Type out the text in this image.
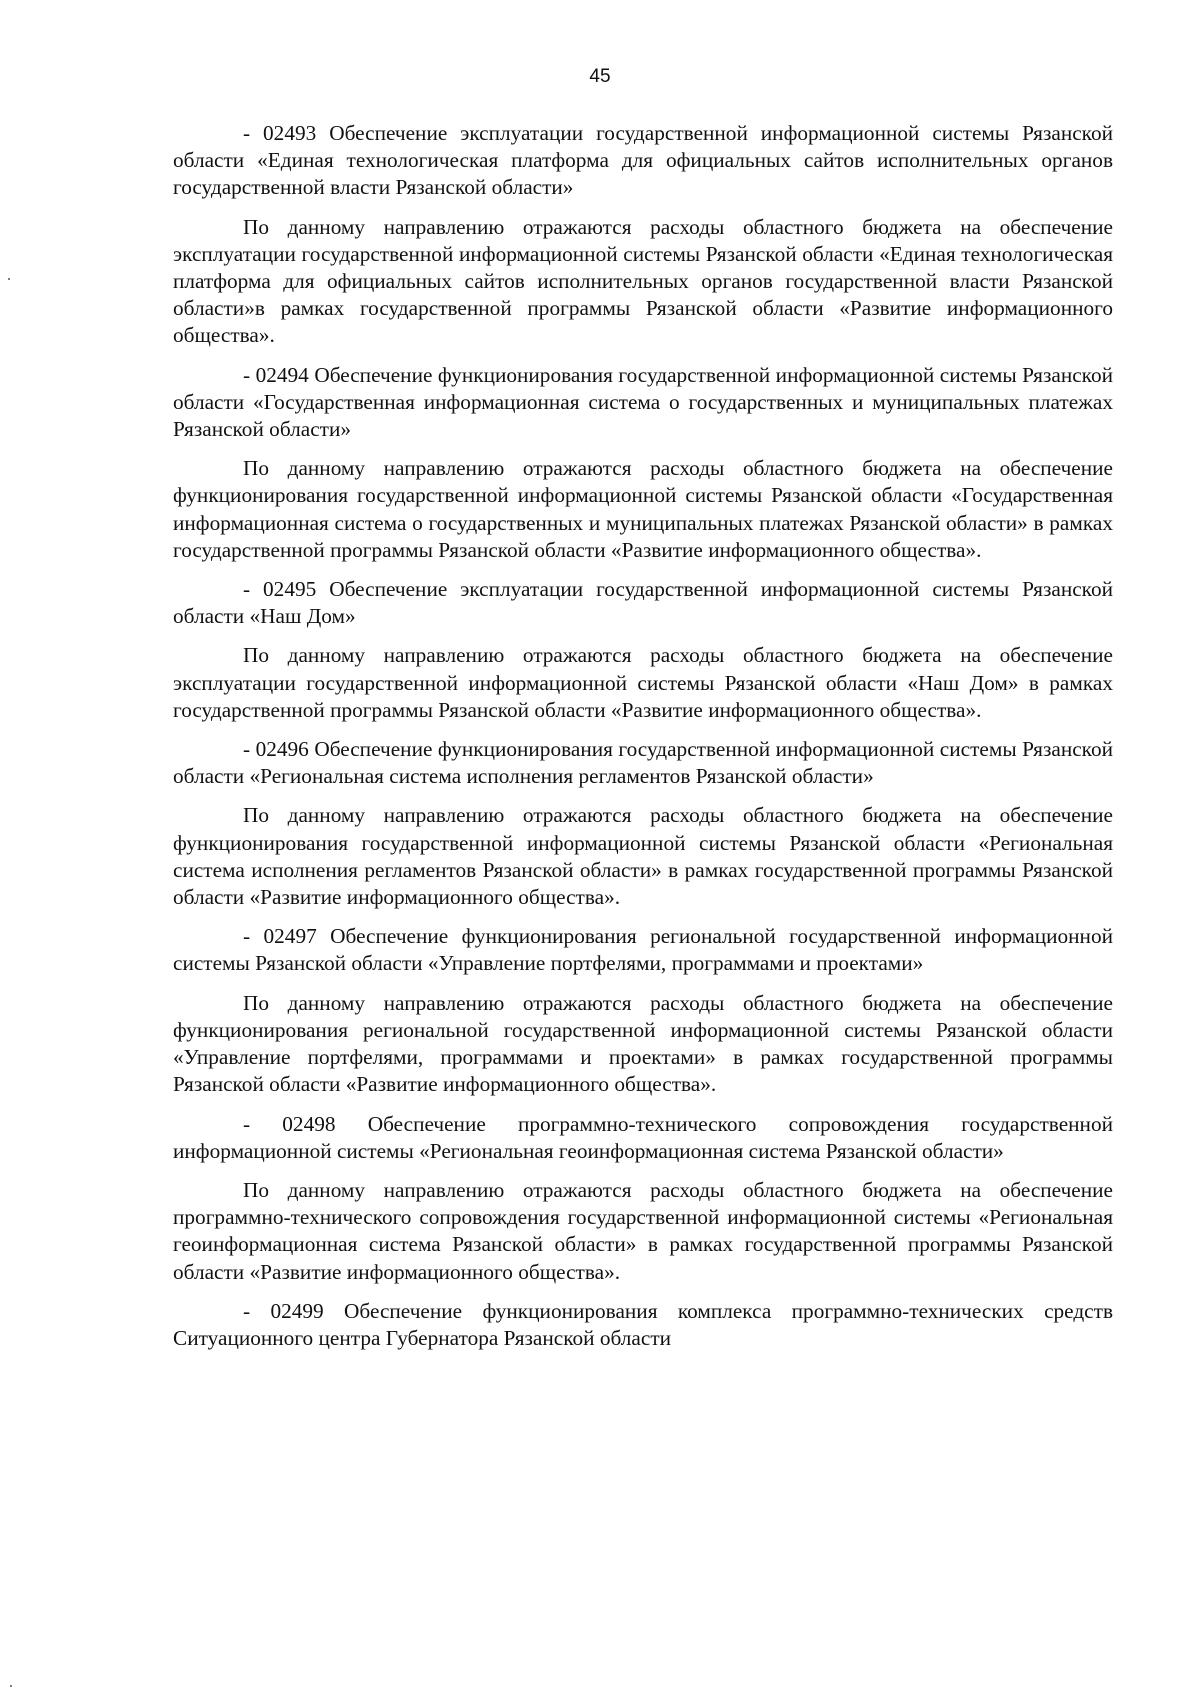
45

- 02493 Обеспечение эксплуатации государственной информационной системы Рязанской области «Единая технологическая платформа для официальных сайтов исполнительных органов государственной власти Рязанской области»

По данному направлению отражаются расходы областного бюджета на обеспечение эксплуатации государственной информационной системы Рязанской области «Единая технологическая платформа для официальных сайтов исполнительных органов государственной власти Рязанской области»в рамках государственной программы Рязанской области «Развитие информационного общества».

- 02494 Обеспечение функционирования государственной информационной системы Рязанской области «Государственная информационная система о государственных и муниципальных платежах Рязанской области»

По данному направлению отражаются расходы областного бюджета на обеспечение функционирования государственной информационной системы Рязанской области «Государственная информационная система о государственных и муниципальных платежах Рязанской области» в рамках государственной программы Рязанской области «Развитие информационного общества».

- 02495 Обеспечение эксплуатации государственной информационной системы Рязанской области «Наш Дом»

По данному направлению отражаются расходы областного бюджета на обеспечение эксплуатации государственной информационной системы Рязанской области «Наш Дом» в рамках государственной программы Рязанской области «Развитие информационного общества».

- 02496 Обеспечение функционирования государственной информационной системы Рязанской области «Региональная система исполнения регламентов Рязанской области»

По данному направлению отражаются расходы областного бюджета на обеспечение функционирования государственной информационной системы Рязанской области «Региональная система исполнения регламентов Рязанской области» в рамках государственной программы Рязанской области «Развитие информационного общества».

- 02497 Обеспечение функционирования региональной государственной информационной системы Рязанской области «Управление портфелями, программами и проектами»

По данному направлению отражаются расходы областного бюджета на обеспечение функционирования региональной государственной информационной системы Рязанской области «Управление портфелями, программами и проектами» в рамках государственной программы Рязанской области «Развитие информационного общества».

- 02498 Обеспечение программно-технического сопровождения государственной информационной системы «Региональная геоинформационная система Рязанской области»

По данному направлению отражаются расходы областного бюджета на обеспечение программно-технического сопровождения государственной информационной системы «Региональная геоинформационная система Рязанской области» в рамках государственной программы Рязанской области «Развитие информационного общества».

- 02499 Обеспечение функционирования комплекса программно-технических средств Ситуационного центра Губернатора Рязанской области
